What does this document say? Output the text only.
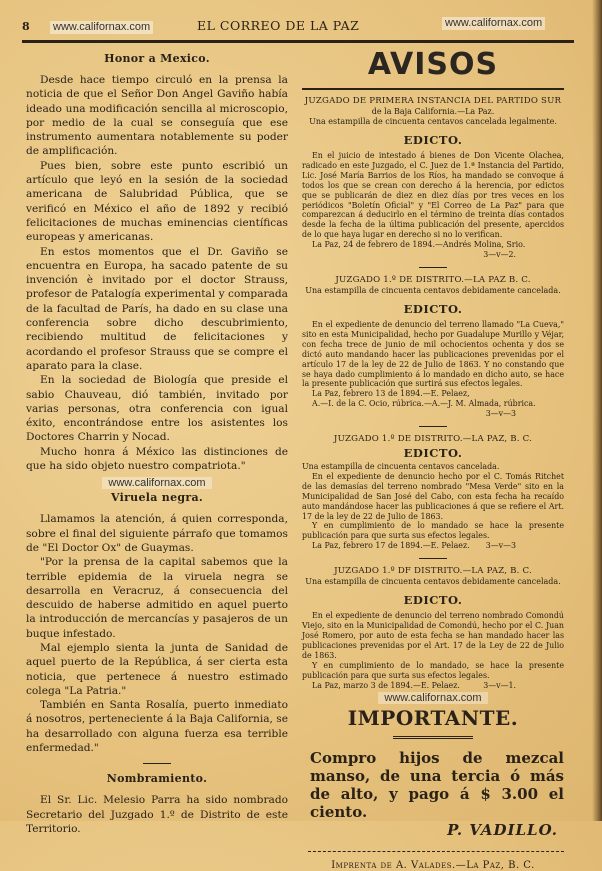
8 www.californax.com	EL CORREO DE LA PAZ	www.californax.com
Honor a Mexico.

Desde hace tiempo circuló en la prensa la noticia de que el Señor Don Angel Gaviño había ideado una modificación sencilla al microscopio, por medio de la cual se conseguía que ese instrumento aumentara notablemente su poder de amplificación.

Pues bien, sobre este punto escribió un artículo que leyó en la sesión de la sociedad americana de Salubridad Pública, que se verificó en México el año de 1892 y recibió felicitaciones de muchas eminencias científicas europeas y americanas.

En estos momentos que el Dr. Gaviño se encuentra en Europa, ha sacado patente de su invención è invitado por el doctor Strauss, profesor de Patalogía experimental y comparada de la facultad de París, ha dado en su clase una conferencia sobre dicho descubrimiento, recibiendo multitud de felicitaciones y acordando el profesor Strauss que se compre el aparato para la clase.

En la sociedad de Biología que preside el sabio Chauveau, dió también, invitado por varias personas, otra conferencia con igual éxito, encontrándose entre los asistentes los Doctores Charrin y Nocad.

Mucho honra á México las distinciones de que ha sido objeto nuestro compatriota."

www.californax.com
Viruela negra.

Llamamos la atención, á quien corresponda, sobre el final del siguiente párrafo que tomamos de "El Doctor Ox" de Guaymas.

"Por la prensa de la capital sabemos que la terrible epidemia de la viruela negra se desarrolla en Veracruz, á consecuencia del descuido de haberse admitido en aquel puerto la introducción de mercancías y pasajeros de un buque infestado.

Mal ejemplo sienta la junta de Sanidad de aquel puerto de la República, á ser cierta esta noticia, que pertenece á nuestro estimado colega "La Patria."

También en Santa Rosalía, puerto inmediato á nosotros, perteneciente á la Baja California, se ha desarrollado con alguna fuerza esa terrible enfermedad."

Nombramiento.

El Sr. Lic. Melesio Parra ha sido nombrado Secretario del Juzgado 1.º de Distrito de este Territorio.

AVISOS
JUZGADO DE PRIMERA INSTANCIA DEL PARTIDO SUR
de la Baja California.—La Paz.
Una estampilla de cincuenta centavos cancelada legalmente.
EDICTO.

En el juicio de intestado á bienes de Don Vicente Olachea, radicado en este Juzgado, el C. Juez de 1.ª Instancia del Partido, Lic. José María Barrios de los Ríos, ha mandado se convoque á todos los que se crean con derecho á la herencia, por edictos que se publicarán de diez en diez días por tres veces en los periódicos "Boletín Oficial" y "El Correo de La Paz" para que comparezcan á deducirlo en el término de treinta días contados desde la fecha de la última publicación del presente, apercidos de lo que haya lugar en derecho si no lo verifican.

La Paz, 24 de febrero de 1894.—Andrés Molina, Srio.
3—v—2.
JUZGADO 1.º DE DISTRITO.—LA PAZ B. C.
Una estampilla de cincuenta centavos debidamente cancelada.
EDICTO.

En el expediente de denuncio del terreno llamado "La Cueva," sito en esta Municipalidad, hecho por Guadalupe Murillo y Véjar, con fecha trece de junio de mil ochocientos ochenta y dos se dictó auto mandando hacer las publicaciones prevenidas por el artículo 17 de la ley de 22 de Julio de 1863. Y no constando que se haya dado cumplimiento á lo mandado en dicho auto, se hace la presente publicación que surtirá sus efectos legales.

La Paz, febrero 13 de 1894.—E. Pelaez,
A.—I. de la C. Ocio, rúbrica.—A.—J. M. Almada, rúbrica.
3—v—3
JUZGADO 1.º DE DISTRITO.—LA PAZ, B. C.
EDICTO.
Una estampilla de cincuenta centavos cancelada.

En el expediente de denuncio hecho por el C. Tomás Ritchet de las demasías del terreno nombrado "Mesa Verde" sito en la Municipalidad de San José del Cabo, con esta fecha ha recaído auto mandándose hacer las publicaciones á que se refiere el Art. 17 de la ley de 22 de Julio de 1863.

Y en cumplimiento de lo mandado se hace la presente publicación para que surta sus efectos legales.

La Paz, febrero 17 de 1894.—E. Pelaez. 3—v—3
JUZGADO 1.º DF DISTRITO.—LA PAZ, B. C.
Una estampilla de cincuenta centavos debidamente cancelada.
EDICTO.

En el expediente de denuncio del terreno nombrado Comondú Viejo, sito en la Municipalidad de Comondú, hecho por el C. Juan José Romero, por auto de esta fecha se han mandado hacer las publicaciones prevenidas por el Art. 17 de la Ley de 22 de Julio de 1863.

Y en cumplimiento de lo mandado, se hace la presente publicación para que surta sus efectos legales.

La Paz, marzo 3 de 1894.—E. Pelaez.	3—v—1.
www.californax.com
IMPORTANTE.

Compro hijos de mezcal manso, de una tercia ó más de alto, y pago á $ 3.00 el ciento.

P. VADILLO.
Imprenta de A. Valades.—La Paz, B. C.
